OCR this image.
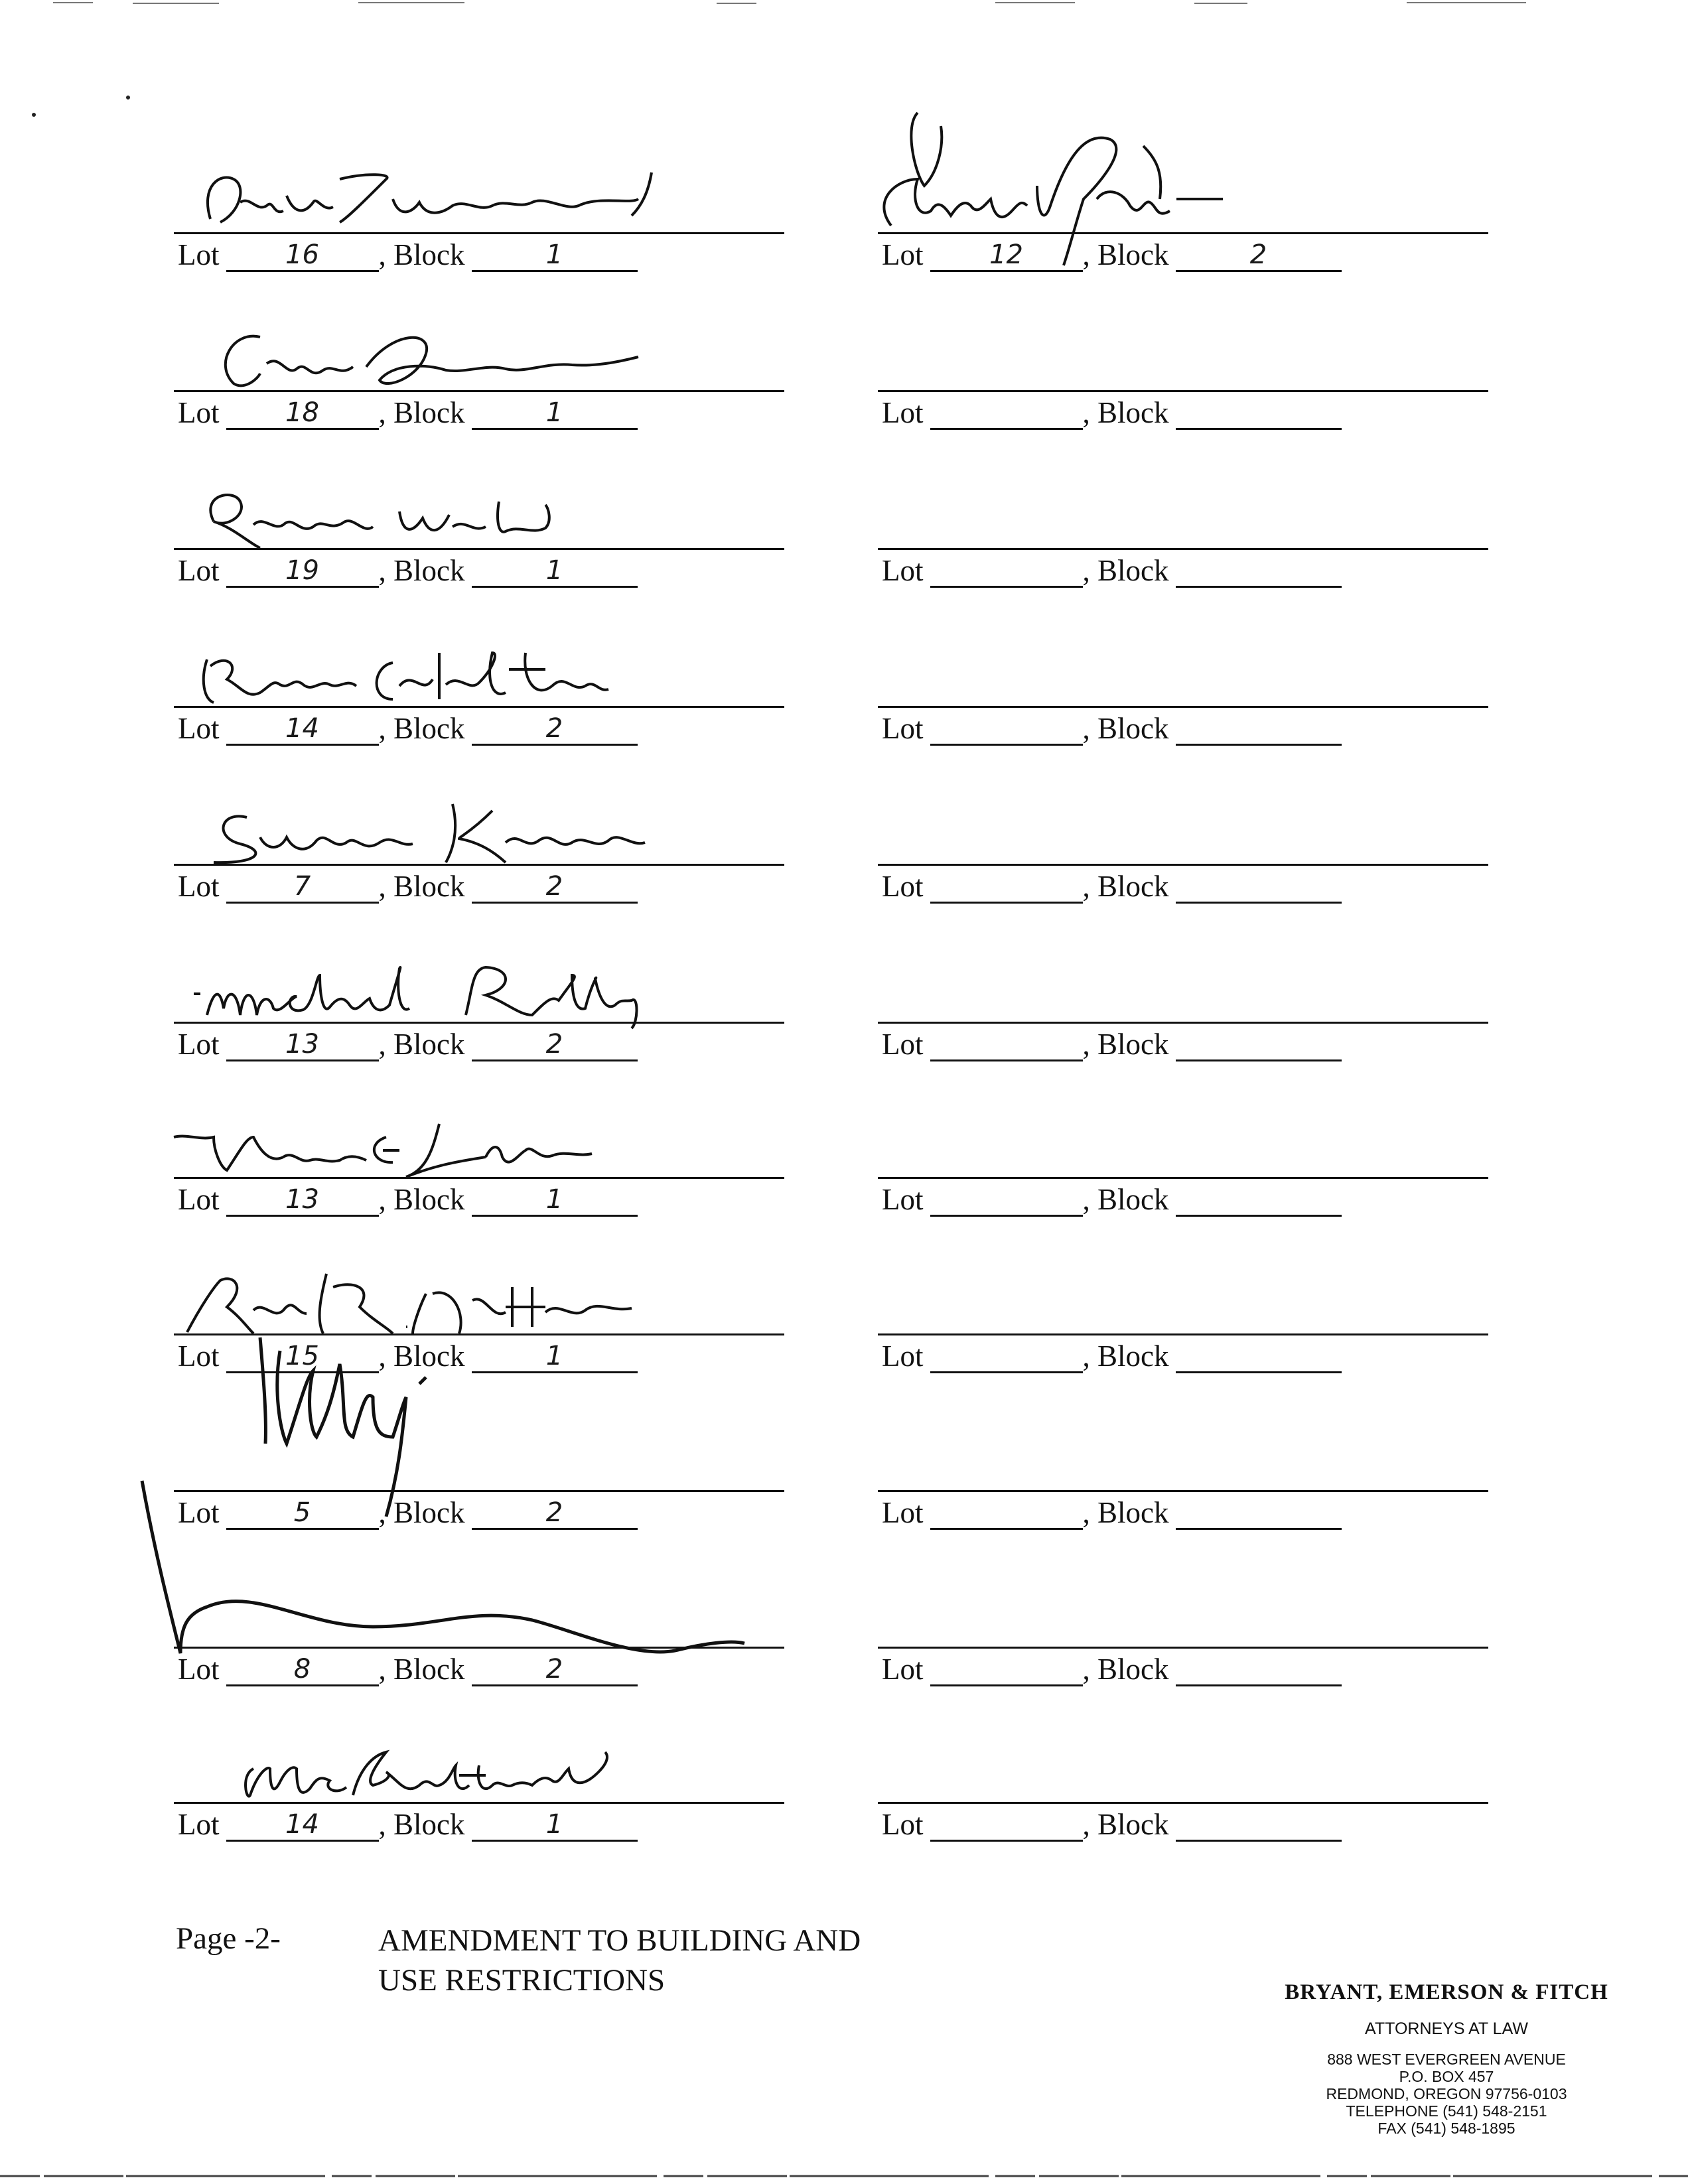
Lot 16 , Block	1
Lot 18 , Block	1
Lot 19 , Block	1
Lot 14 , Block	2
Lot	7 , Block	2
Lot 13 , Block	2
Lot 13 , Block	1
Lot 15 , Block	1
Lot	5 , Block	2
Lot	8 , Block	2
Lot 14 , Block	1
Lot 12 , Block	2
Lot	, Block
Lot	, Block
Lot	, Block
Lot	, Block
Lot	, Block
Lot	, Block
Lot	, Block
Lot	, Block
Lot	, Block
Lot	, Block
Page -2-	AMENDMENT TO BUILDING AND
USE RESTRICTIONS	BRYANT, EMERSON & FITCH
ATTORNEYS AT LAW
888 WEST EVERGREEN AVENUE
P.O. BOX 457
REDMOND, OREGON 97756-0103
TELEPHONE (541) 548-2151
FAX (541) 548-1895
